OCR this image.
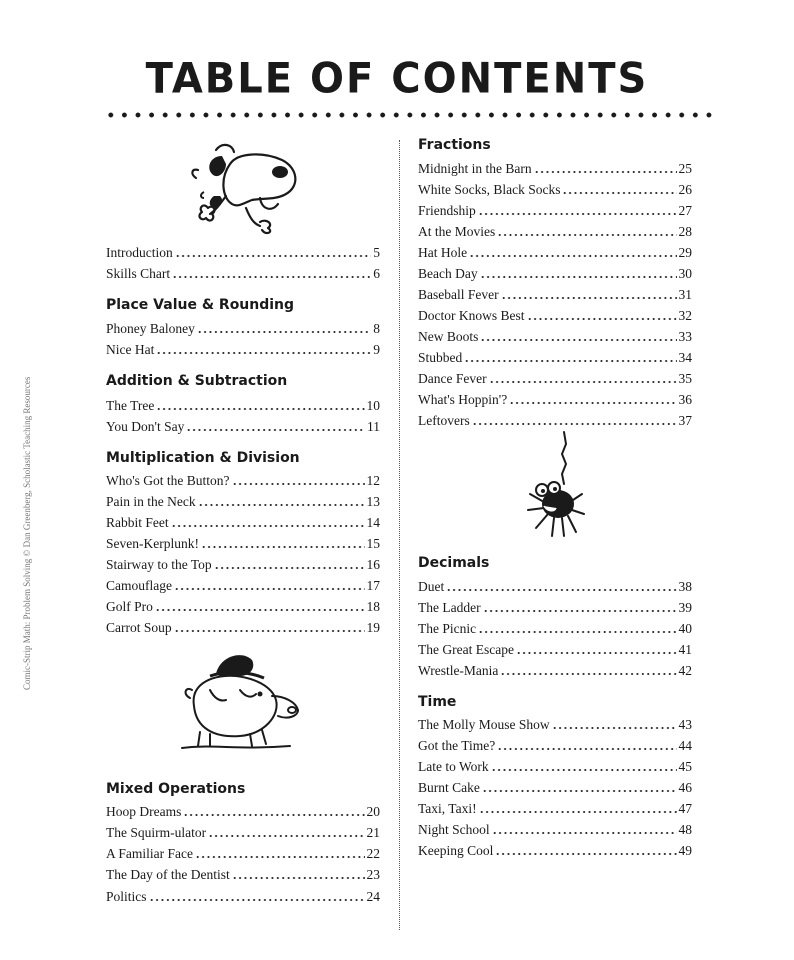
TABLE OF CONTENTS
Comic-Strip Math: Problem Solving © Dan Greenberg, Scholastic Teaching Resources
Introduction	5
Skills Chart	6
Place Value & Rounding
Phoney Baloney	8
Nice Hat	9
Addition & Subtraction
The Tree	10
You Don't Say	11
Multiplication & Division
Who's Got the Button?	12
Pain in the Neck	13
Rabbit Feet	14
Seven-Kerplunk!	15
Stairway to the Top	16
Camouflage	17
Golf Pro	18
Carrot Soup	19
Mixed Operations
Hoop Dreams	20
The Squirm-ulator	21
A Familiar Face	22
The Day of the Dentist	23
Politics	24
Fractions
Midnight in the Barn	25
White Socks, Black Socks	26
Friendship	27
At the Movies	28
Hat Hole	29
Beach Day	30
Baseball Fever	31
Doctor Knows Best	32
New Boots	33
Stubbed	34
Dance Fever	35
What's Hoppin'?	36
Leftovers	37
Decimals
Duet	38
The Ladder	39
The Picnic	40
The Great Escape	41
Wrestle-Mania	42
Time
The Molly Mouse Show	43
Got the Time?	44
Late to Work	45
Burnt Cake	46
Taxi, Taxi!	47
Night School	48
Keeping Cool	49
